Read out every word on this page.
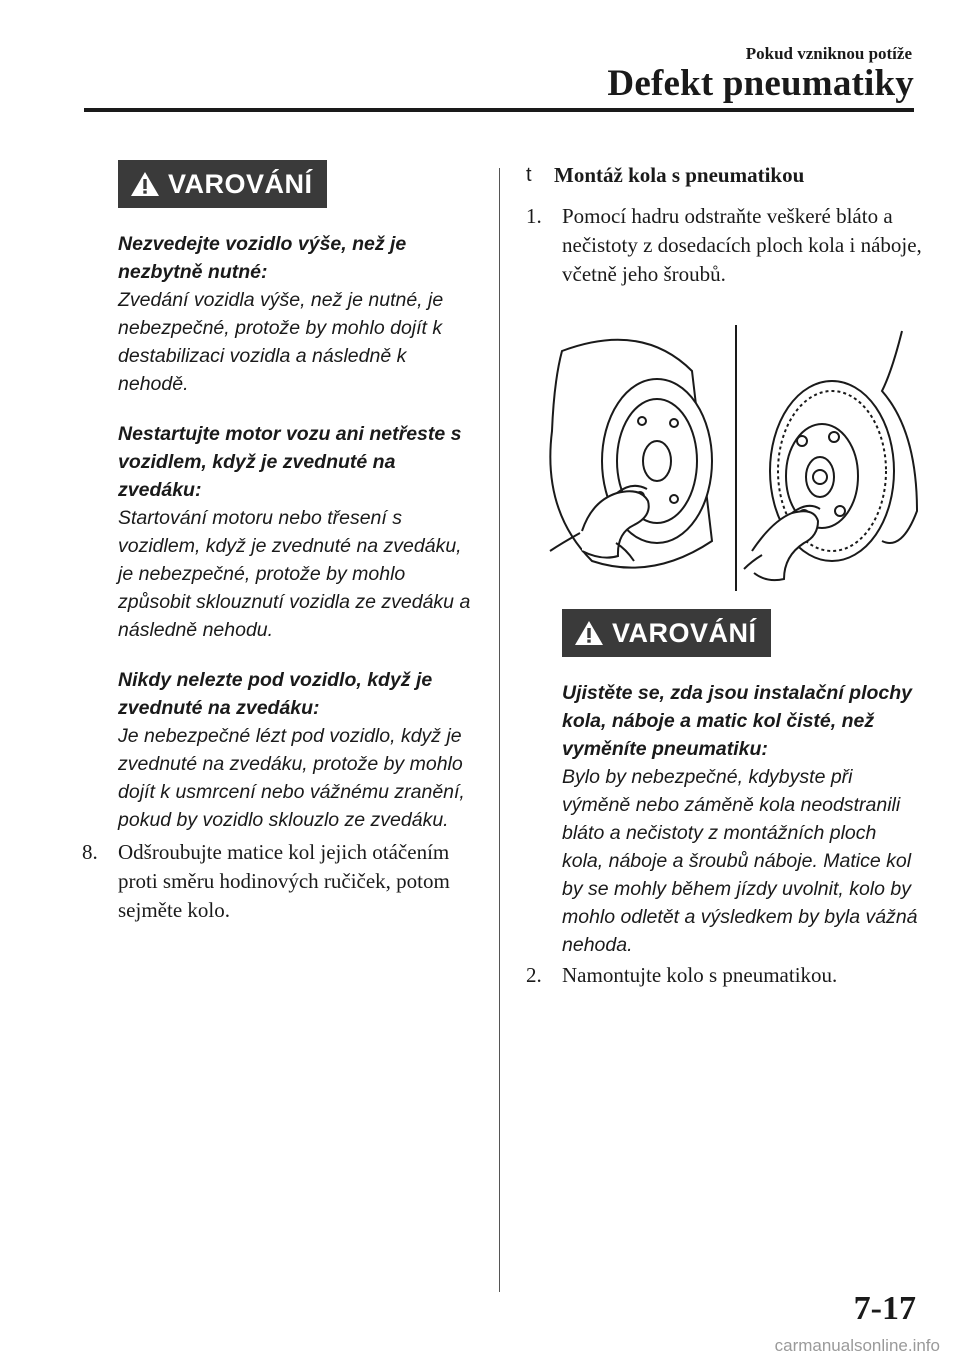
Pokud vzniknou potíže
Defekt pneumatiky
VAROVÁNÍ
Nezvedejte vozidlo výše, než je nezbytně nutné:
Zvedání vozidla výše, než je nutné, je nebezpečné, protože by mohlo dojít k destabilizaci vozidla a následně k nehodě.
Nestartujte motor vozu ani netřeste s vozidlem, když je zvednuté na zvedáku:
Startování motoru nebo třesení s vozidlem, když je zvednuté na zvedáku, je nebezpečné, protože by mohlo způsobit sklouznutí vozidla ze zvedáku a následně nehodu.
Nikdy nelezte pod vozidlo, když je zvednuté na zvedáku:
Je nebezpečné lézt pod vozidlo, když je zvednuté na zvedáku, protože by mohlo dojít k usmrcení nebo vážnému zranění, pokud by vozidlo sklouzlo ze zvedáku.
8. Odšroubujte matice kol jejich otáčením proti směru hodinových ručiček, potom sejměte kolo.
t Montáž kola s pneumatikou
1. Pomocí hadru odstraňte veškeré bláto a nečistoty z dosedacích ploch kola i náboje, včetně jeho šroubů.
VAROVÁNÍ
Ujistěte se, zda jsou instalační plochy kola, náboje a matic kol čisté, než vyměníte pneumatiku:
Bylo by nebezpečné, kdybyste při výměně nebo záměně kola neodstranili bláto a nečistoty z montážních ploch kola, náboje a šroubů náboje. Matice kol by se mohly během jízdy uvolnit, kolo by mohlo odletět a výsledkem by byla vážná nehoda.
2. Namontujte kolo s pneumatikou.
7-17
carmanualsonline.info
